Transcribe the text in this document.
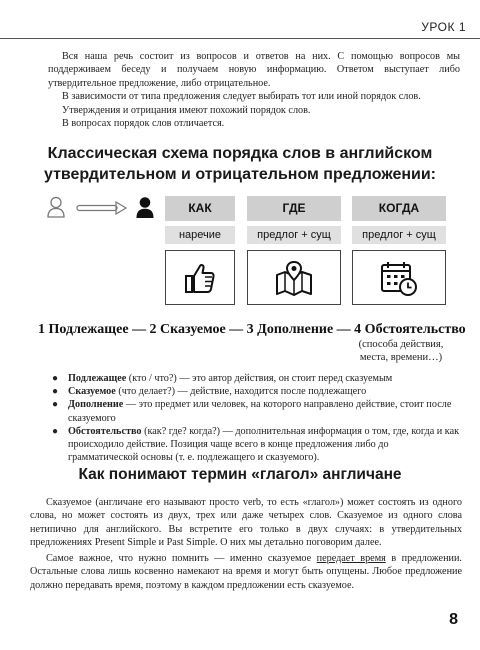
УРОК 1

Вся наша речь состоит из вопросов и ответов на них. С помощью вопросов мы поддерживаем беседу и получаем новую информацию. Ответом выступает либо утвердительное предложение, либо отрицательное.

В зависимости от типа предложения следует выбирать тот или иной порядок слов.

Утверждения и отрицания имеют похожий порядок слов.

В вопросах порядок слов отличается.

Классическая схема порядка слов в английском
утвердительном и отрицательном предложении:
КАК	ГДЕ	КОГДА
наречие	предлог + сущ	предлог + сущ
1 Подлежащее — 2 Сказуемое — 3 Дополнение — 4 Обстоятельство
(способа действия,
места, времени…)
● Подлежащее (кто / что?) — это автор действия, он стоит перед сказуемым
● Сказуемое (что делает?) — действие, находится после подлежащего
● Дополнение — это предмет или человек, на которого направлено действие, стоит после сказуемого
● Обстоятельство (как? где? когда?) — дополнительная информация о том, где, когда и как происходило действие. Позиция чаще всего в конце предложения либо до грамматической основы (т. е. подлежащего и сказуемого).
Как понимают термин «глагол» англичане

Сказуемое (англичане его называют просто verb, то есть «глагол») может состоять из одного слова, но может состоять из двух, трех или даже четырех слов. Сказуемое из одного слова нетипично для английского. Вы встретите его только в двух случаях: в утвердительных предложениях Present Simple и Past Simple. О них мы детально поговорим далее.

Самое важное, что нужно помнить — именно сказуемое передает время в предложении. Остальные слова лишь косвенно намекают на время и могут быть опущены. Любое предложение должно передавать время, поэтому в каждом предложении есть сказуемое.

8
